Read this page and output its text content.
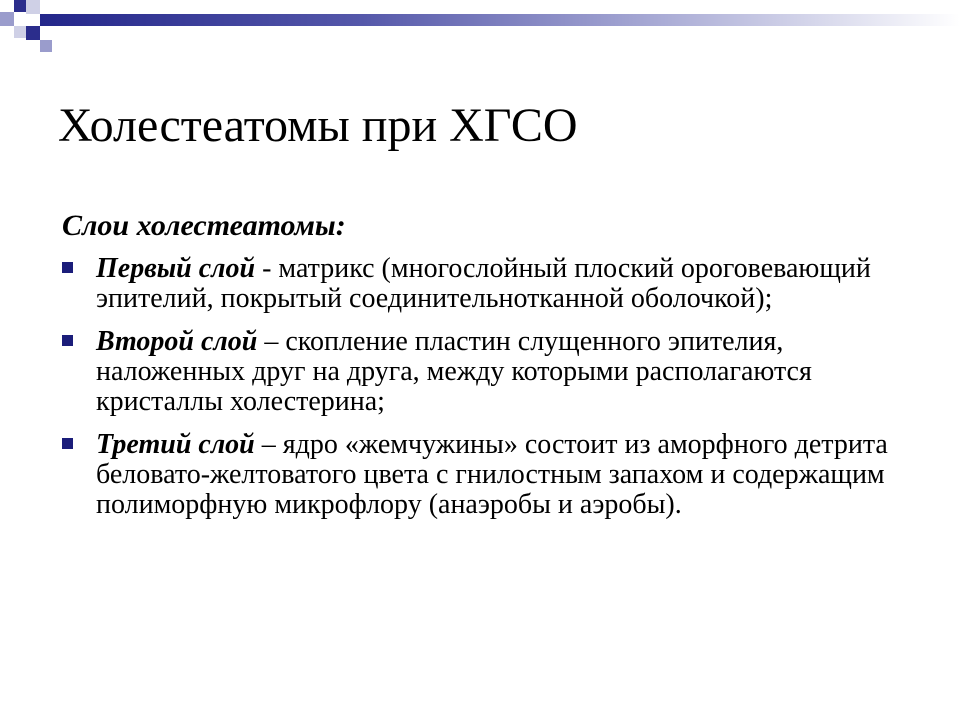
Холестеатомы при ХГСО
Слои холестеатомы:
Первый слой - матрикс (многослойный плоский ороговевающий эпителий, покрытый соединительнотканной оболочкой);
Второй слой – скопление пластин слущенного эпителия, наложенных друг на друга, между которыми располагаются кристаллы холестерина;
Третий слой – ядро «жемчужины» состоит из аморфного детрита беловато-желтоватого цвета с гнилостным запахом и содержащим полиморфную микрофлору (анаэробы и аэробы).
